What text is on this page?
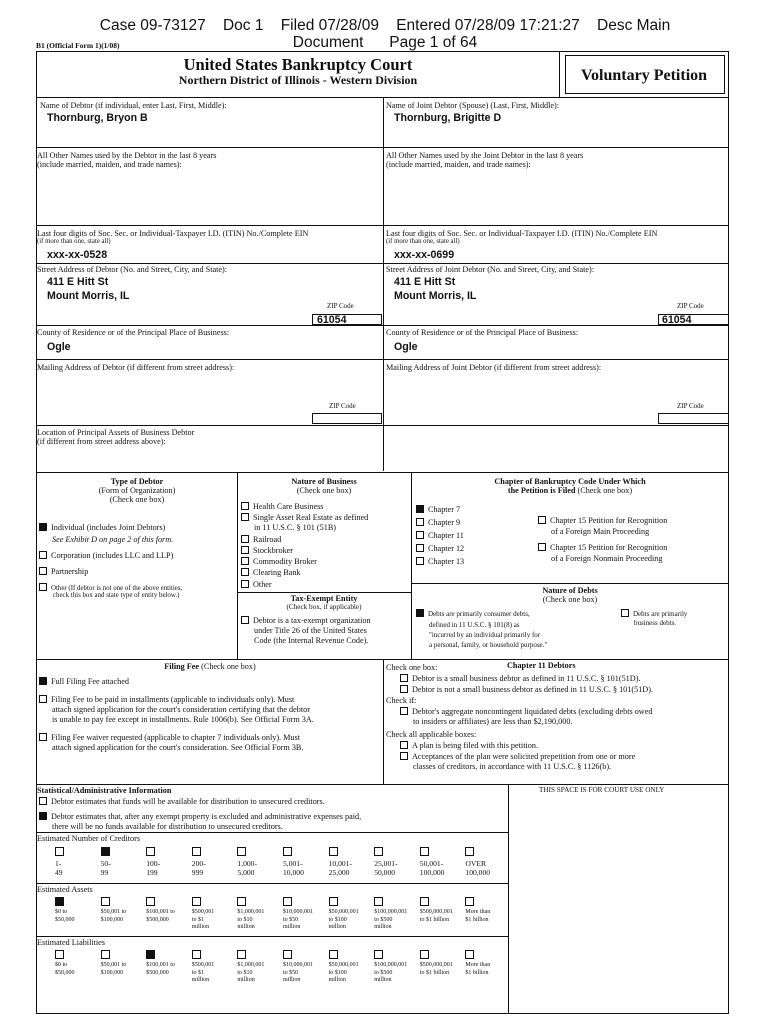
Case 09-73127 Doc 1 Filed 07/28/09 Entered 07/28/09 17:21:27 Desc Main
Document Page 1 of 64
B1 (Official Form 1)(1/08)
United States Bankruptcy Court
Northern District of Illinois - Western Division	Voluntary Petition
Name of Debtor (if individual, enter Last, First, Middle):
Thornburg, Bryon B
Name of Joint Debtor (Spouse) (Last, First, Middle):
Thornburg, Brigitte D
All Other Names used by the Debtor in the last 8 years
(include married, maiden, and trade names):
All Other Names used by the Joint Debtor in the last 8 years
(include married, maiden, and trade names):
Last four digits of Soc. Sec. or Individual-Taxpayer I.D. (ITIN) No./Complete EIN
(if more than one, state all)
xxx-xx-0528
Last four digits of Soc. Sec. or Individual-Taxpayer I.D. (ITIN) No./Complete EIN
(if more than one, state all)
xxx-xx-0699
Street Address of Debtor (No. and Street, City, and State):
411 E Hitt St
Mount Morris, IL
ZIP Code
61054
Street Address of Joint Debtor (No. and Street, City, and State):
411 E Hitt St
Mount Morris, IL
ZIP Code
61054
County of Residence or of the Principal Place of Business:
Ogle
County of Residence or of the Principal Place of Business:
Ogle
Mailing Address of Debtor (if different from street address):
ZIP Code
Mailing Address of Joint Debtor (if different from street address):
ZIP Code
Location of Principal Assets of Business Debtor
(if different from street address above):
Type of Debtor
(Form of Organization)
(Check one box)
Individual (includes Joint Debtors)
See Exhibit D on page 2 of this form.
Corporation (includes LLC and LLP)
Partnership
Other (If debtor is not one of the above entities,
check this box and state type of entity below.)
Nature of Business
(Check one box)
Health Care Business
Single Asset Real Estate as defined
in 11 U.S.C. § 101 (51B)
Railroad
Stockbroker
Commodity Broker
Clearing Bank
Other
Tax-Exempt Entity
(Check box, if applicable)
Debtor is a tax-exempt organization
under Title 26 of the United States
Code (the Internal Revenue Code).
Chapter of Bankruptcy Code Under Which
the Petition is Filed (Check one box)
Chapter 7
Chapter 9
Chapter 11
Chapter 12
Chapter 13
Chapter 15 Petition for Recognition
of a Foreign Main Proceeding
Chapter 15 Petition for Recognition
of a Foreign Nonmain Proceeding
Nature of Debts
(Check one box)
Debts are primarily consumer debts,
defined in 11 U.S.C. § 101(8) as
"incurred by an individual primarily for
a personal, family, or household purpose."
Debts are primarily
business debts.
Filing Fee (Check one box)
Full Filing Fee attached
Filing Fee to be paid in installments (applicable to individuals only). Must
attach signed application for the court's consideration certifying that the debtor
is unable to pay fee except in installments. Rule 1006(b). See Official Form 3A.
Filing Fee waiver requested (applicable to chapter 7 individuals only). Must
attach signed application for the court's consideration. See Official Form 3B.
Check one box:	Chapter 11 Debtors
Debtor is a small business debtor as defined in 11 U.S.C. § 101(51D).
Debtor is not a small business debtor as defined in 11 U.S.C. § 101(51D).
Check if:
Debtor's aggregate noncontingent liquidated debts (excluding debts owed
to insiders or affiliates) are less than $2,190,000.
Check all applicable boxes:
A plan is being filed with this petition.
Acceptances of the plan were solicited prepetition from one or more
classes of creditors, in accordance with 11 U.S.C. § 1126(b).
Statistical/Administrative Information
Debtor estimates that funds will be available for distribution to unsecured creditors.
Debtor estimates that, after any exempt property is excluded and administrative expenses paid,
there will be no funds available for distribution to unsecured creditors.
THIS SPACE IS FOR COURT USE ONLY
Estimated Number of Creditors
1-
49
50-
99
100-
199
200-
999
1,000-
5,000
5,001-
10,000
10,001-
25,000
25,001-
50,000
50,001-
100,000
OVER
100,000
Estimated Assets
$0 to
$50,000
$50,001 to
$100,000
$100,001 to
$500,000
$500,001
to $1
million
$1,000,001
to $10
million
$10,000,001
to $50
million
$50,000,001
to $100
million
$100,000,001
to $500
million
$500,000,001
to $1 billion
More than
$1 billion
Estimated Liabilities
$0 to
$50,000
$50,001 to
$100,000
$100,001 to
$500,000
$500,001
to $1
million
$1,000,001
to $10
million
$10,000,001
to $50
million
$50,000,001
to $100
million
$100,000,001
to $500
million
$500,000,001
to $1 billion
More than
$1 billion
